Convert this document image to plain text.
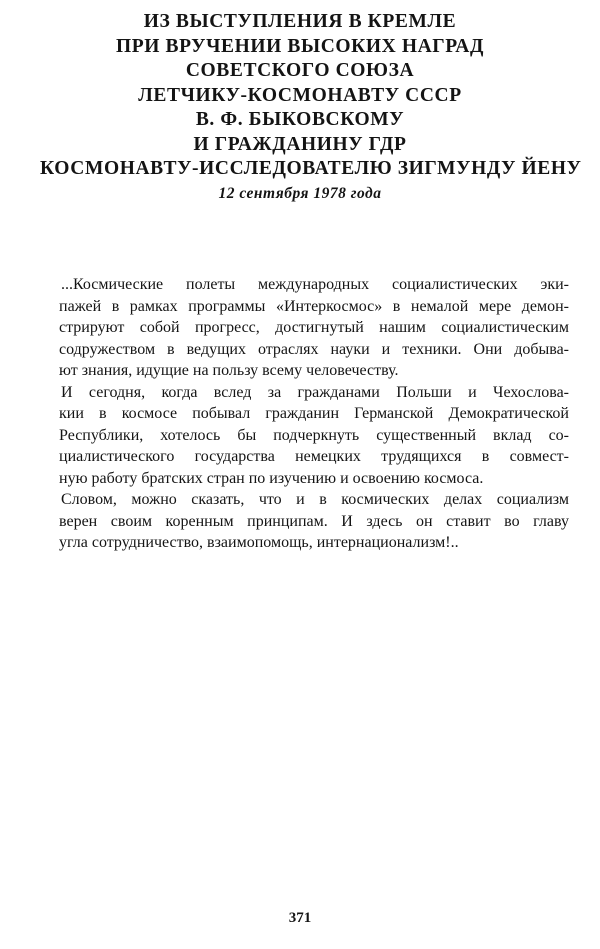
ИЗ ВЫСТУПЛЕНИЯ В КРЕМЛЕ
ПРИ ВРУЧЕНИИ ВЫСОКИХ НАГРАД
СОВЕТСКОГО СОЮЗА
ЛЕТЧИКУ-КОСМОНАВТУ СССР
В. Ф. БЫКОВСКОМУ
И ГРАЖДАНИНУ ГДР
КОСМОНАВТУ-ИССЛЕДОВАТЕЛЮ ЗИГМУНДУ ЙЕНУ
12 сентября 1978 года

...Космические полеты международных социалистических эки-
пажей в рамках программы «Интеркосмос» в немалой мере демон-
стрируют собой прогресс, достигнутый нашим социалистическим
содружеством в ведущих отраслях науки и техники. Они добыва-
ют знания, идущие на пользу всему человечеству.

И сегодня, когда вслед за гражданами Польши и Чехослова-
кии в космосе побывал гражданин Германской Демократической
Республики, хотелось бы подчеркнуть существенный вклад со-
циалистического государства немецких трудящихся в совмест-
ную работу братских стран по изучению и освоению космоса.

Словом, можно сказать, что и в космических делах социализм
верен своим коренным принципам. И здесь он ставит во главу
угла сотрудничество, взаимопомощь, интернационализм!..

371
